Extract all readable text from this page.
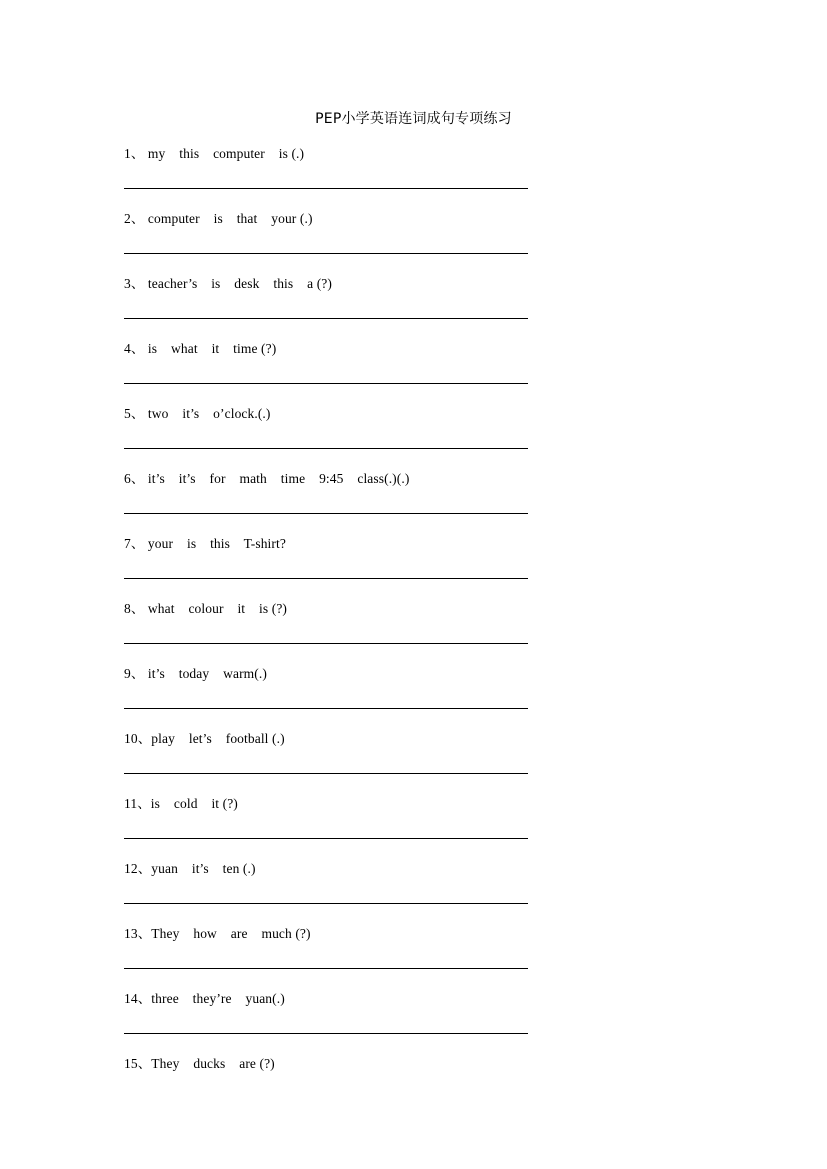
PEP小学英语连词成句专项练习
1、 my    this    computer    is (.)
2、 computer    is    that    your (.)
3、 teacher’s    is    desk    this    a (?)
4、 is    what    it    time (?)
5、 two    it’s    o’clock.(.)
6、 it’s    it’s    for    math    time    9:45    class(.)(.)
7、 your    is    this    T-shirt?
8、 what    colour    it    is (?)
9、 it’s    today    warm(.)
10、play    let’s    football (.)
11、is    cold    it (?)
12、yuan    it’s    ten (.)
13、They    how    are    much (?)
14、three    they’re    yuan(.)
15、They    ducks    are (?)
